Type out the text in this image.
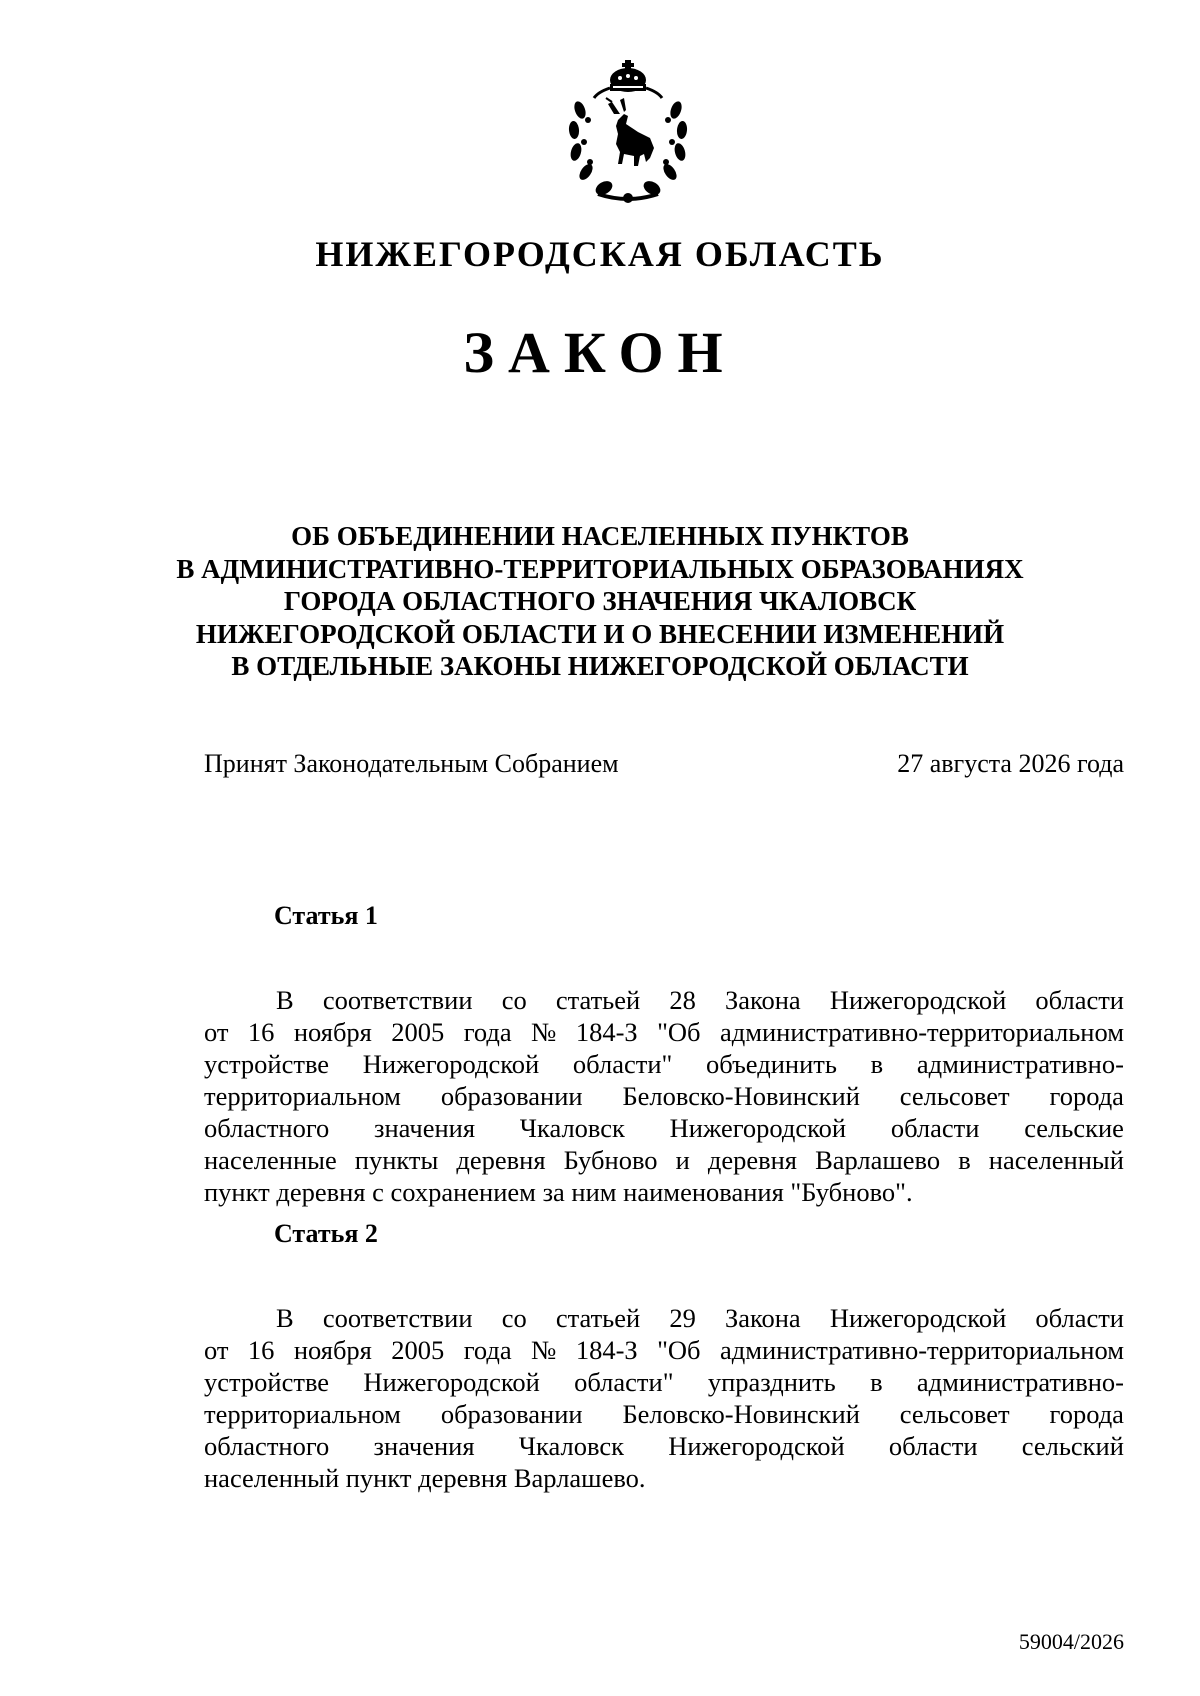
НИЖЕГОРОДСКАЯ ОБЛАСТЬ
ЗАКОН
ОБ ОБЪЕДИНЕНИИ НАСЕЛЕННЫХ ПУНКТОВ
В АДМИНИСТРАТИВНО-ТЕРРИТОРИАЛЬНЫХ ОБРАЗОВАНИЯХ
ГОРОДА ОБЛАСТНОГО ЗНАЧЕНИЯ ЧКАЛОВСК
НИЖЕГОРОДСКОЙ ОБЛАСТИ И О ВНЕСЕНИИ ИЗМЕНЕНИЙ
В ОТДЕЛЬНЫЕ ЗАКОНЫ НИЖЕГОРОДСКОЙ ОБЛАСТИ
Принят Законодательным Собранием	27 августа 2026 года
Статья 1
В соответствии со статьей 28 Закона Нижегородской области
от 16 ноября 2005 года № 184-З "Об административно-территориальном
устройстве Нижегородской области" объединить в административно-
территориальном образовании Беловско-Новинский сельсовет города
областного значения Чкаловск Нижегородской области сельские
населенные пункты деревня Бубново и деревня Варлашево в населенный
пункт деревня с сохранением за ним наименования "Бубново".
Статья 2
В соответствии со статьей 29 Закона Нижегородской области
от 16 ноября 2005 года № 184-З "Об административно-территориальном
устройстве Нижегородской области" упразднить в административно-
территориальном образовании Беловско-Новинский сельсовет города
областного значения Чкаловск Нижегородской области сельский
населенный пункт деревня Варлашево.
59004/2026
